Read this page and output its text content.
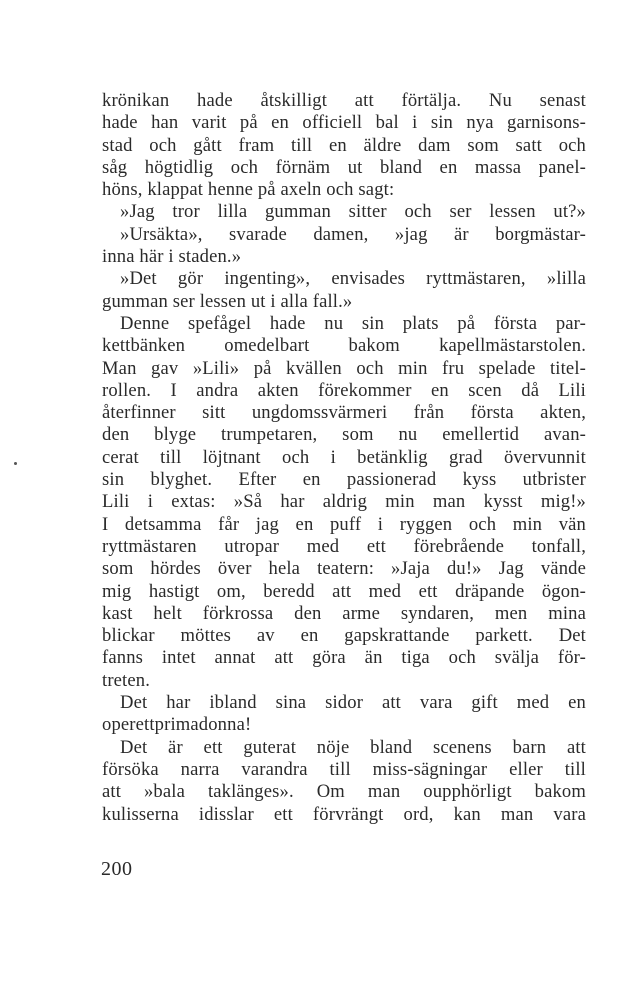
krönikan hade åtskilligt att förtälja. Nu senast
hade han varit på en officiell bal i sin nya garnisons-
stad och gått fram till en äldre dam som satt och
såg högtidlig och förnäm ut bland en massa panel-
höns, klappat henne på axeln och sagt:
»Jag tror lilla gumman sitter och ser lessen ut?»
»Ursäkta», svarade damen, »jag är borgmästar-
inna här i staden.»
»Det gör ingenting», envisades ryttmästaren, »lilla
gumman ser lessen ut i alla fall.»
Denne spefågel hade nu sin plats på första par-
kettbänken omedelbart bakom kapellmästarstolen.
Man gav »Lili» på kvällen och min fru spelade titel-
rollen. I andra akten förekommer en scen då Lili
återfinner sitt ungdomssvärmeri från första akten,
den blyge trumpetaren, som nu emellertid avan-
cerat till löjtnant och i betänklig grad övervunnit
sin blyghet. Efter en passionerad kyss utbrister
Lili i extas: »Så har aldrig min man kysst mig!»
I detsamma får jag en puff i ryggen och min vän
ryttmästaren utropar med ett förebrående tonfall,
som hördes över hela teatern: »Jaja du!» Jag vände
mig hastigt om, beredd att med ett dräpande ögon-
kast helt förkrossa den arme syndaren, men mina
blickar möttes av en gapskrattande parkett. Det
fanns intet annat att göra än tiga och svälja för-
treten.
Det har ibland sina sidor att vara gift med en
operettprimadonna!
Det är ett guterat nöje bland scenens barn att
försöka narra varandra till miss-sägningar eller till
att »bala taklänges». Om man oupphörligt bakom
kulisserna idisslar ett förvrängt ord, kan man vara
200
